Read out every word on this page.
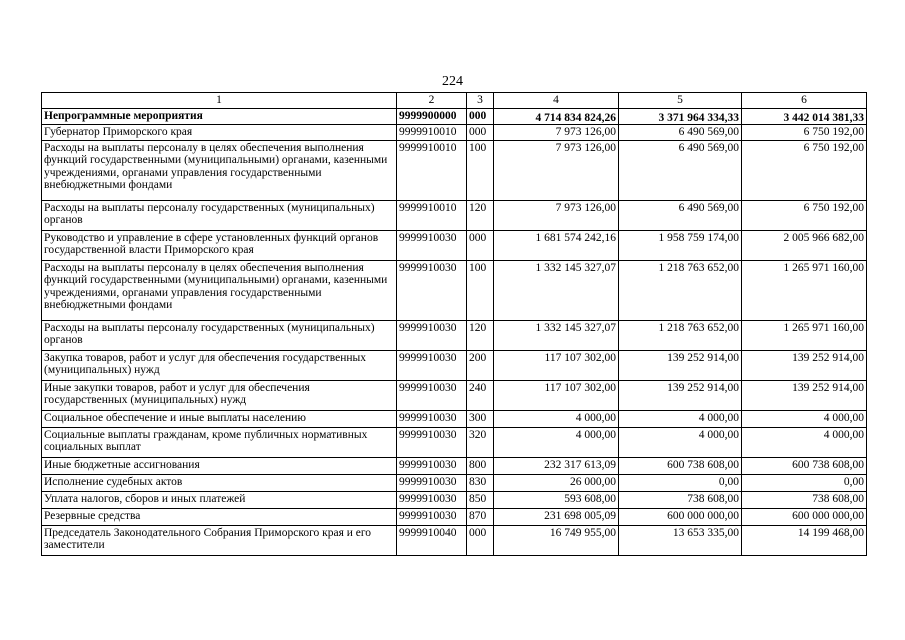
224
1	2	3	4	5	6
Непрограммные мероприятия	9999900000	000	4 714 834 824,26	3 371 964 334,33	3 442 014 381,33
Губернатор Приморского края	9999910010	000	7 973 126,00	6 490 569,00	6 750 192,00
Расходы на выплаты персоналу в целях обеспечения выполнения функций государственными (муниципальными) органами, казенными учреждениями, органами управления государственными внебюджетными фондами	9999910010	100	7 973 126,00	6 490 569,00	6 750 192,00
Расходы на выплаты персоналу государственных (муниципальных) органов	9999910010	120	7 973 126,00	6 490 569,00	6 750 192,00
Руководство и управление в сфере установленных функций органов государственной власти Приморского края	9999910030	000	1 681 574 242,16	1 958 759 174,00	2 005 966 682,00
Расходы на выплаты персоналу в целях обеспечения выполнения функций государственными (муниципальными) органами, казенными учреждениями, органами управления государственными внебюджетными фондами	9999910030	100	1 332 145 327,07	1 218 763 652,00	1 265 971 160,00
Расходы на выплаты персоналу государственных (муниципальных) органов	9999910030	120	1 332 145 327,07	1 218 763 652,00	1 265 971 160,00
Закупка товаров, работ и услуг для обеспечения государственных (муниципальных) нужд	9999910030	200	117 107 302,00	139 252 914,00	139 252 914,00
Иные закупки товаров, работ и услуг для обеспечения государственных (муниципальных) нужд	9999910030	240	117 107 302,00	139 252 914,00	139 252 914,00
Социальное обеспечение и иные выплаты населению	9999910030	300	4 000,00	4 000,00	4 000,00
Социальные выплаты гражданам, кроме публичных нормативных социальных выплат	9999910030	320	4 000,00	4 000,00	4 000,00
Иные бюджетные ассигнования	9999910030	800	232 317 613,09	600 738 608,00	600 738 608,00
Исполнение судебных актов	9999910030	830	26 000,00	0,00	0,00
Уплата налогов, сборов и иных платежей	9999910030	850	593 608,00	738 608,00	738 608,00
Резервные средства	9999910030	870	231 698 005,09	600 000 000,00	600 000 000,00
Председатель Законодательного Собрания Приморского края и его заместители	9999910040	000	16 749 955,00	13 653 335,00	14 199 468,00
